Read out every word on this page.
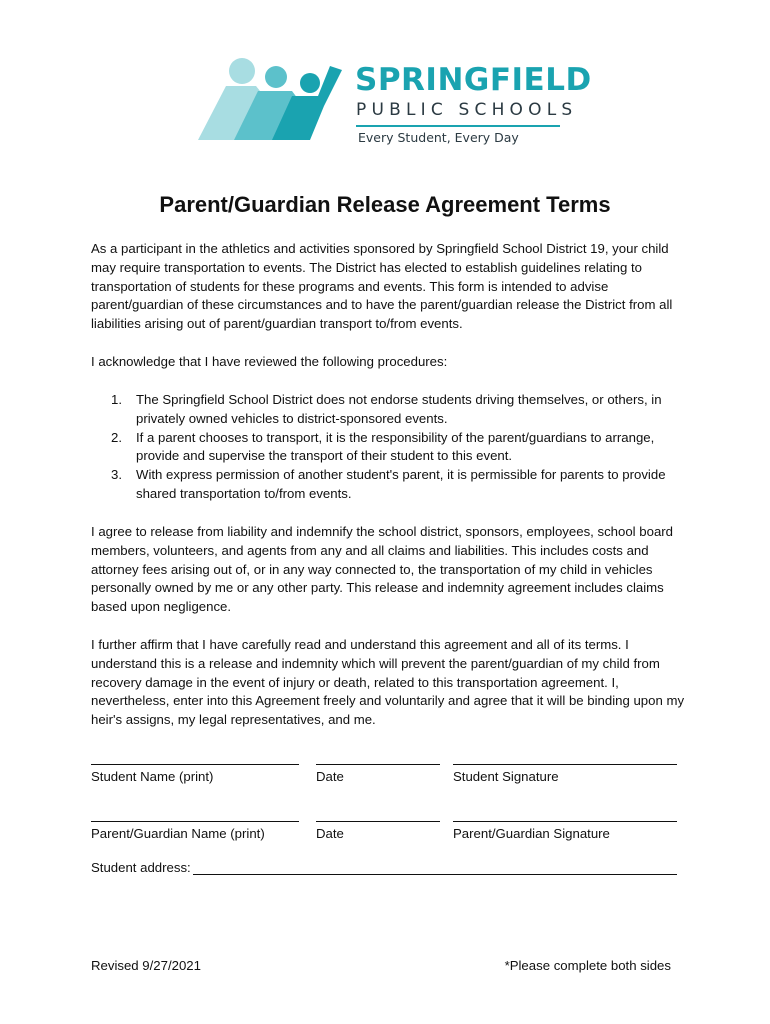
SPRINGFIELD
PUBLIC SCHOOLS
Every Student, Every Day
Parent/Guardian Release Agreement Terms

As a participant in the athletics and activities sponsored by Springfield School District 19, your child may require transportation to events. The District has elected to establish guidelines relating to transportation of students for these programs and events. This form is intended to advise parent/guardian of these circumstances and to have the parent/guardian release the District from all liabilities arising out of parent/guardian transport to/from events.

I acknowledge that I have reviewed the following procedures:

1. The Springfield School District does not endorse students driving themselves, or others, in privately owned vehicles to district-sponsored events.
2. If a parent chooses to transport, it is the responsibility of the parent/guardians to arrange, provide and supervise the transport of their student to this event.
3. With express permission of another student's parent, it is permissible for parents to provide shared transportation to/from events.

I agree to release from liability and indemnify the school district, sponsors, employees, school board members, volunteers, and agents from any and all claims and liabilities. This includes costs and attorney fees arising out of, or in any way connected to, the transportation of my child in vehicles personally owned by me or any other party. This release and indemnity agreement includes claims based upon negligence.

I further affirm that I have carefully read and understand this agreement and all of its terms. I understand this is a release and indemnity which will prevent the parent/guardian of my child from recovery damage in the event of injury or death, related to this transportation agreement. I, nevertheless, enter into this Agreement freely and voluntarily and agree that it will be binding upon my heir's assigns, my legal representatives, and me.

Student Name (print)	Date	Student Signature
Parent/Guardian Name (print)	Date	Parent/Guardian Signature
Student address:
Revised 9/27/2021	*Please complete both sides
